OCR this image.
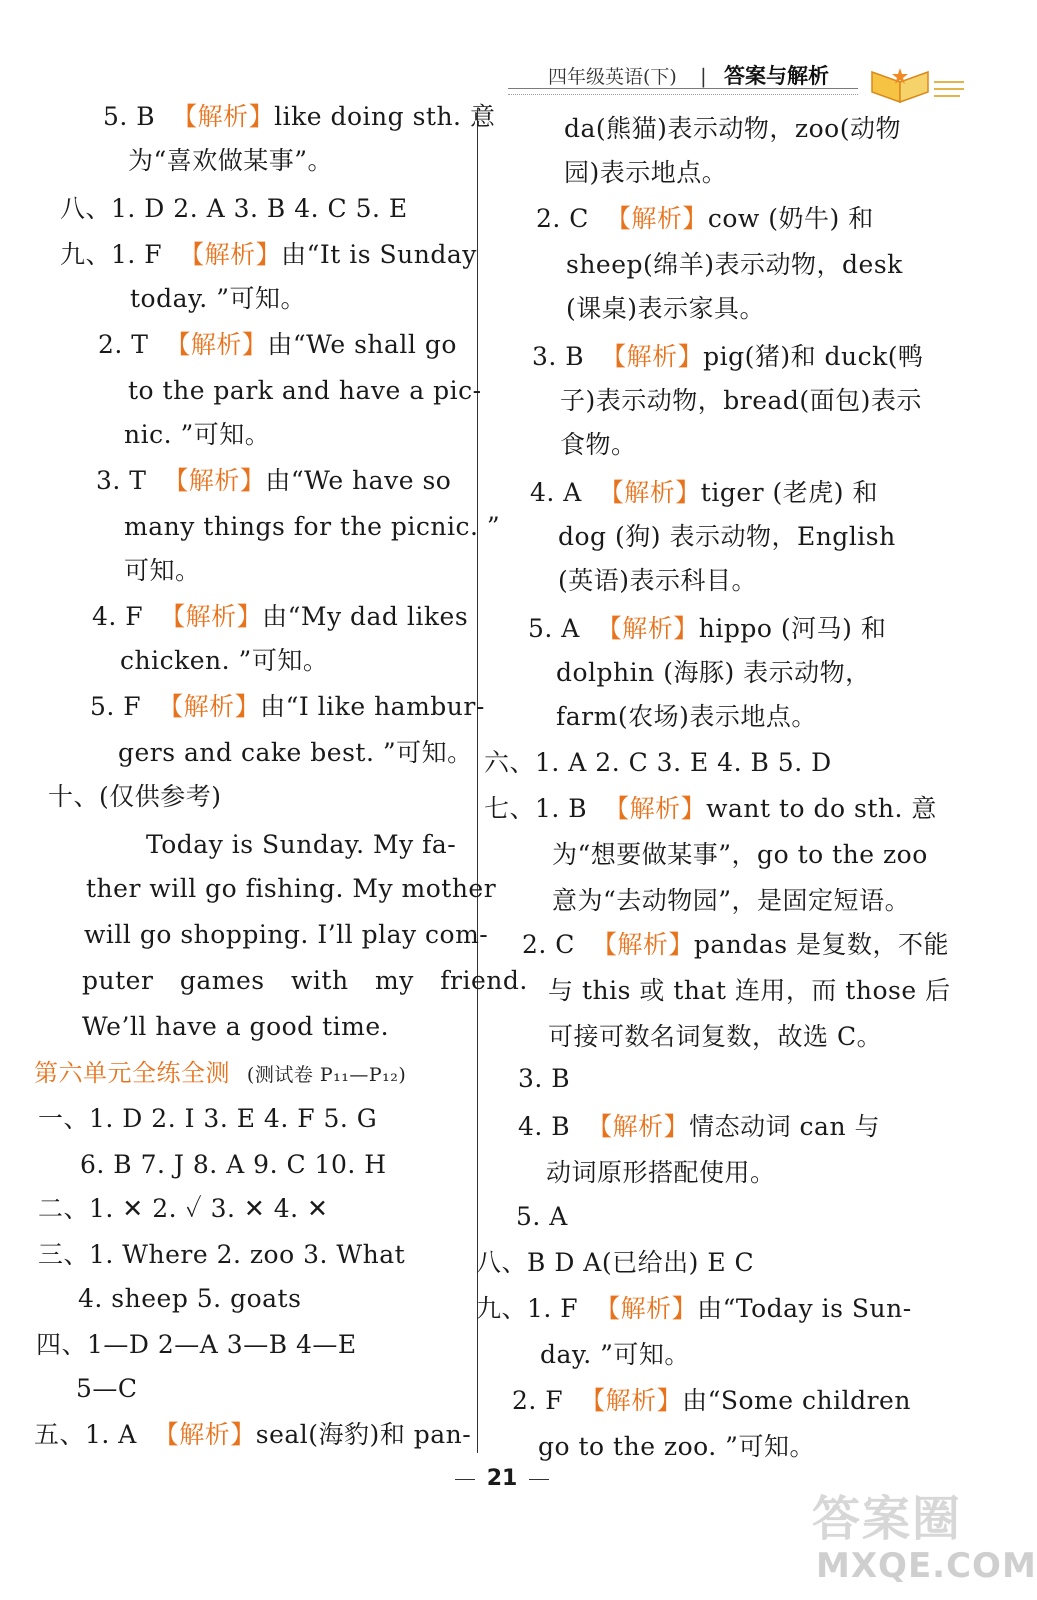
四年级英语(下) | 答案与解析
5. B 【解析】like doing sth. 意
为“喜欢做某事”。
八、1. D 2. A 3. B 4. C 5. E
九、1. F 【解析】由“It is Sunday
today. ”可知。
2. T 【解析】由“We shall go
to the park and have a pic-
nic. ”可知。
3. T 【解析】由“We have so
many things for the picnic. ”
可知。
4. F 【解析】由“My dad likes
chicken. ”可知。
5. F 【解析】由“I like hambur-
gers and cake best. ”可知。
十、(仅供参考)
Today is Sunday. My fa-
ther will go fishing. My mother
will go shopping. I’ll play com-
puter games with my friend.
We’ll have a good time.
第六单元全练全测 (测试卷 P₁₁—P₁₂)
一、1. D 2. I 3. E 4. F 5. G
6. B 7. J 8. A 9. C 10. H
二、1. ✕ 2. ✓ 3. ✕ 4. ✕
三、1. Where 2. zoo 3. What
4. sheep 5. goats
四、1—D 2—A 3—B 4—E
5—C
五、1. A 【解析】seal(海豹)和 pan-
da(熊猫)表示动物，zoo(动物
园)表示地点。
2. C 【解析】cow (奶牛) 和
sheep(绵羊)表示动物，desk
(课桌)表示家具。
3. B 【解析】pig(猪)和 duck(鸭
子)表示动物，bread(面包)表示
食物。
4. A 【解析】tiger (老虎) 和
dog (狗) 表示动物，English
(英语)表示科目。
5. A 【解析】hippo (河马) 和
dolphin (海豚) 表示动物，
farm(农场)表示地点。
六、1. A 2. C 3. E 4. B 5. D
七、1. B 【解析】want to do sth. 意
为“想要做某事”，go to the zoo
意为“去动物园”，是固定短语。
2. C 【解析】pandas 是复数，不能
与 this 或 that 连用，而 those 后
可接可数名词复数，故选 C。
3. B
4. B 【解析】情态动词 can 与
动词原形搭配使用。
5. A
八、B D A(已给出) E C
九、1. F 【解析】由“Today is Sun-
day. ”可知。
2. F 【解析】由“Some children
go to the zoo. ”可知。
21
答案圈
MXQE.COM
